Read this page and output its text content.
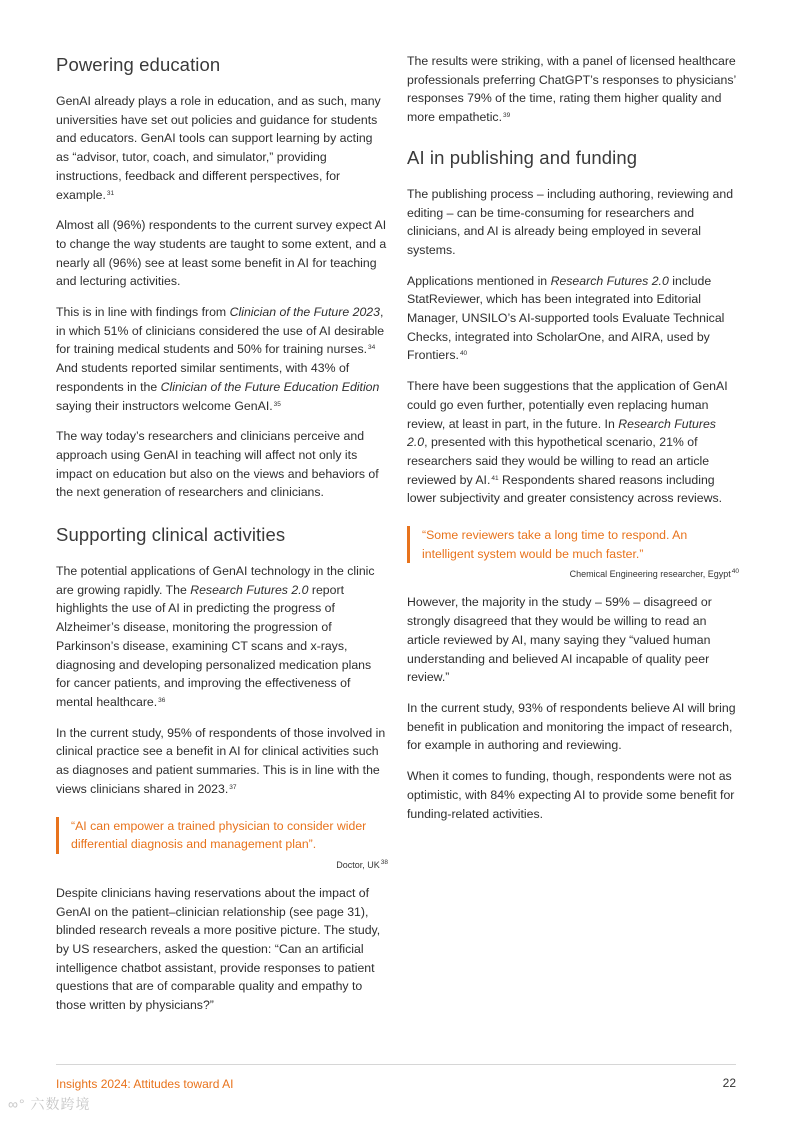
Powering education

GenAI already plays a role in education, and as such, many universities have set out policies and guidance for students and educators. GenAI tools can support learning by acting as “advisor, tutor, coach, and simulator,” providing instructions, feedback and different perspectives, for example.$^{31}$

Almost all (96%) respondents to the current survey expect AI to change the way students are taught to some extent, and a nearly all (96%) see at least some benefit in AI for teaching and lecturing activities.

This is in line with findings from Clinician of the Future 2023, in which 51% of clinicians considered the use of AI desirable for training medical students and 50% for training nurses.$^{34}$ And students reported similar sentiments, with 43% of respondents in the Clinician of the Future Education Edition saying their instructors welcome GenAI.$^{35}$

The way today’s researchers and clinicians perceive and approach using GenAI in teaching will affect not only its impact on education but also on the views and behaviors of the next generation of researchers and clinicians.

Supporting clinical activities

The potential applications of GenAI technology in the clinic are growing rapidly. The Research Futures 2.0 report highlights the use of AI in predicting the progress of Alzheimer’s disease, monitoring the progression of Parkinson’s disease, examining CT scans and x-rays, diagnosing and developing personalized medication plans for cancer patients, and improving the effectiveness of mental healthcare.$^{36}$

In the current study, 95% of respondents of those involved in clinical practice see a benefit in AI for clinical activities such as diagnoses and patient summaries. This is in line with the views clinicians shared in 2023.37

“AI can empower a trained physician to consider wider differential diagnosis and management plan”.

Doctor, UK$^{38}$

Despite clinicians having reservations about the impact of GenAI on the patient–clinician relationship (see page 31), blinded research reveals a more positive picture. The study, by US researchers, asked the question: “Can an artificial intelligence chatbot assistant, provide responses to patient questions that are of comparable quality and empathy to those written by physicians?”

The results were striking, with a panel of licensed healthcare professionals preferring ChatGPT’s responses to physicians’ responses 79% of the time, rating them higher quality and more empathetic.$^{39}$

AI in publishing and funding

The publishing process – including authoring, reviewing and editing – can be time-consuming for researchers and clinicians, and AI is already being employed in several systems.

Applications mentioned in Research Futures 2.0 include StatReviewer, which has been integrated into Editorial Manager, UNSILO’s AI-supported tools Evaluate Technical Checks, integrated into ScholarOne, and AIRA, used by Frontiers.$^{40}$

There have been suggestions that the application of GenAI could go even further, potentially even replacing human review, at least in part, in the future. In Research Futures 2.0, presented with this hypothetical scenario, 21% of researchers said they would be willing to read an article reviewed by AI.$^{41}$ Respondents shared reasons including lower subjectivity and greater consistency across reviews.

“Some reviewers take a long time to respond. An intelligent system would be much faster.”

Chemical Engineering researcher, Egypt$^{40}$

However, the majority in the study – 59% – disagreed or strongly disagreed that they would be willing to read an article reviewed by AI, many saying they “valued human understanding and believed AI incapable of quality peer review.”

In the current study, 93% of respondents believe AI will bring benefit in publication and monitoring the impact of research, for example in authoring and reviewing.

When it comes to funding, though, respondents were not as optimistic, with 84% expecting AI to provide some benefit for funding-related activities.

Insights 2024: Attitudes toward AI	22
∞° 六数跨境
